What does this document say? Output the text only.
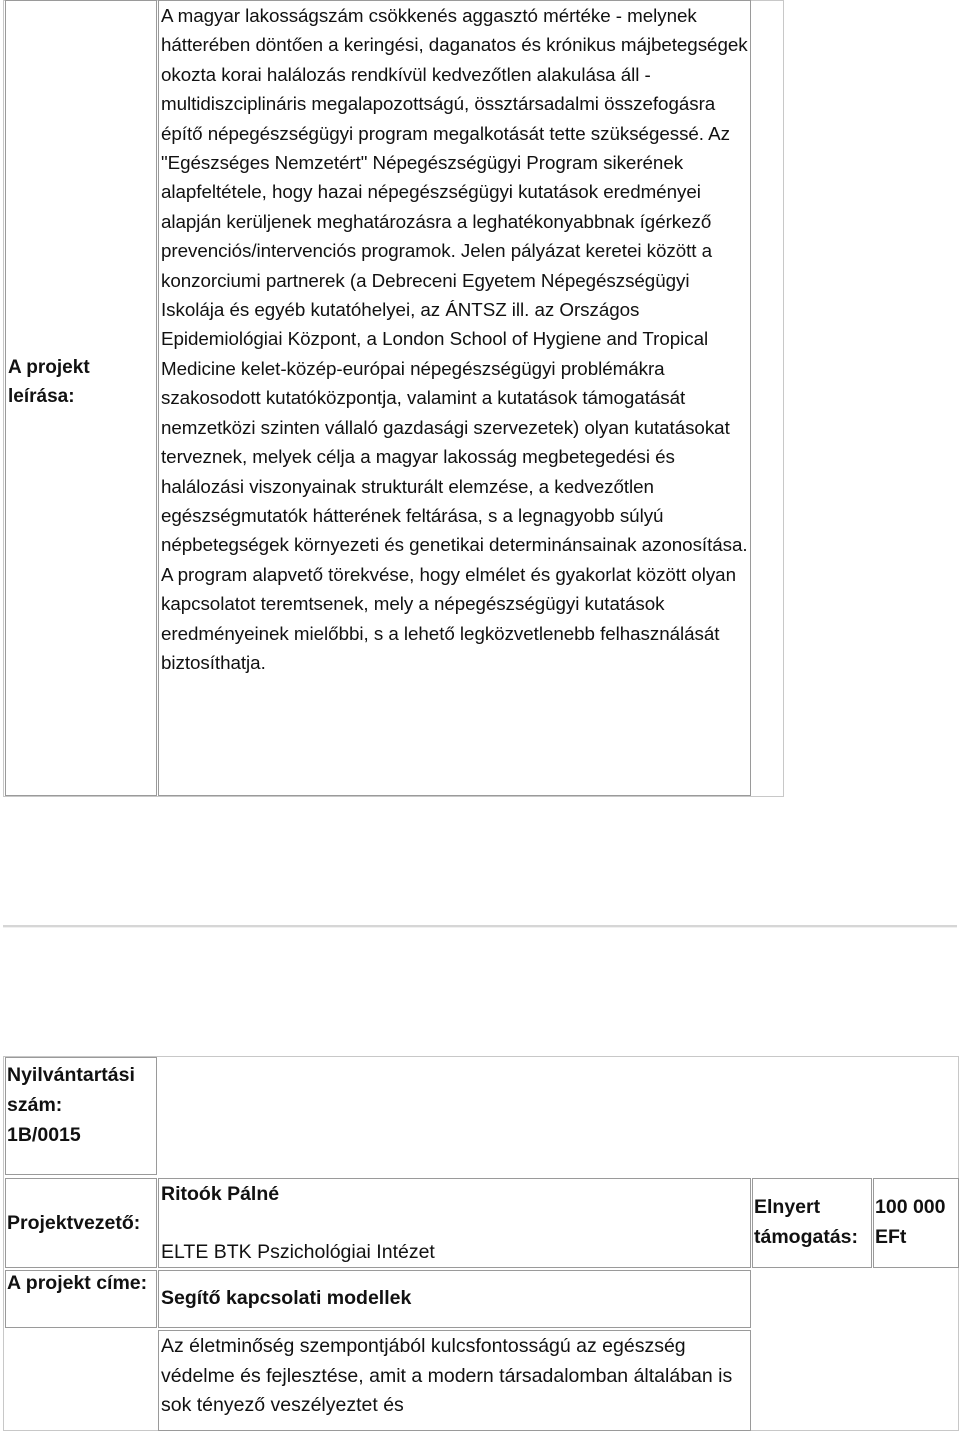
A projekt leírása:
A magyar lakosságszám csökkenés aggasztó mértéke - melynek hátterében döntően a keringési, daganatos és krónikus májbetegségek okozta korai halálozás rendkívül kedvezőtlen alakulása áll - multidiszciplináris megalapozottságú, össztársadalmi összefogásra építő népegészségügyi program megalkotását tette szükségessé. Az "Egészséges Nemzetért" Népegészségügyi Program sikerének alapfeltétele, hogy hazai népegészségügyi kutatások eredményei alapján kerüljenek meghatározásra a leghatékonyabbnak ígérkező prevenciós/intervenciós programok. Jelen pályázat keretei között a konzorciumi partnerek (a Debreceni Egyetem Népegészségügyi Iskolája és egyéb kutatóhelyei, az ÁNTSZ ill. az Országos Epidemiológiai Központ, a London School of Hygiene and Tropical Medicine kelet-közép-európai népegészségügyi problémákra szakosodott kutatóközpontja, valamint a kutatások támogatását nemzetközi szinten vállaló gazdasági szervezetek) olyan kutatásokat terveznek, melyek célja a magyar lakosság megbetegedési és halálozási viszonyainak strukturált elemzése, a kedvezőtlen egészségmutatók hátterének feltárása, s a legnagyobb súlyú népbetegségek környezeti és genetikai determinánsainak azonosítása. A program alapvető törekvése, hogy elmélet és gyakorlat között olyan kapcsolatot teremtsenek, mely a népegészségügyi kutatások eredményeinek mielőbbi, s a lehető legközvetlenebb felhasználását biztosíthatja.
Nyilvántartási szám:
1B/0015
Projektvezető:
Ritoók Pálné
ELTE BTK Pszichológiai Intézet
Elnyert támogatás:
100 000
EFt
A projekt címe:
Segítő kapcsolati modellek
Az életminőség szempontjából kulcsfontosságú az egészség védelme és fejlesztése, amit a modern társadalomban általában is sok tényező veszélyeztet és
